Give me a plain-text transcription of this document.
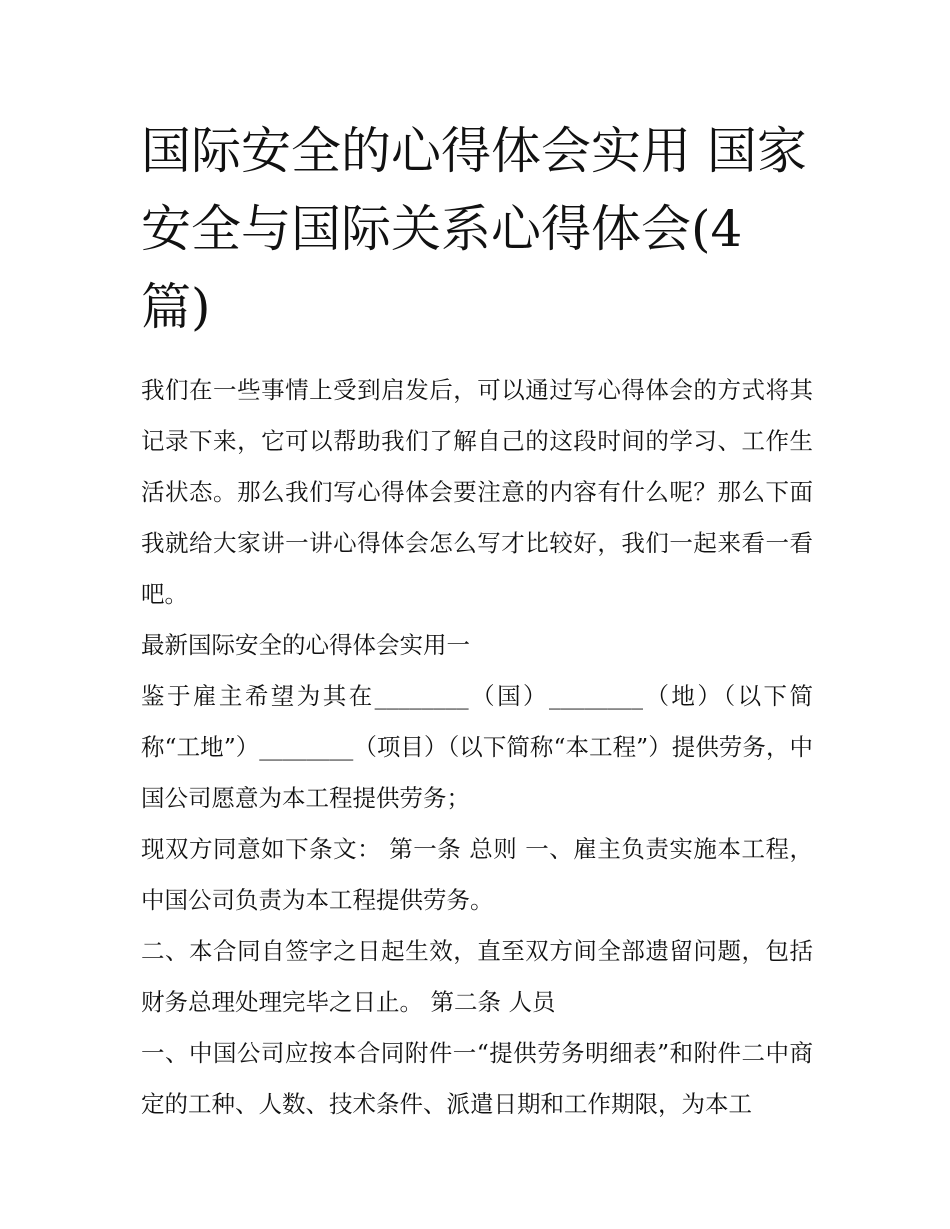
国际安全的心得体会实用 国家
安全与国际关系心得体会(4
篇)

我们在一些事情上受到启发后，可以通过写心得体会的方式将其记录下来，它可以帮助我们了解自己的这段时间的学习、工作生活状态。那么我们写心得体会要注意的内容有什么呢？那么下面我就给大家讲一讲心得体会怎么写才比较好，我们一起来看一看吧。

最新国际安全的心得体会实用一

鉴于雇主希望为其在________（国）________（地）（以下简称“工地”）________（项目）（以下简称“本工程”）提供劳务，中国公司愿意为本工程提供劳务；

现双方同意如下条文： 第一条 总则 一、雇主负责实施本工程，中国公司负责为本工程提供劳务。

二、本合同自签字之日起生效，直至双方间全部遗留问题，包括财务总理处理完毕之日止。 第二条 人员

一、中国公司应按本合同附件一“提供劳务明细表”和附件二中商定的工种、人数、技术条件、派遣日期和工作期限，为本工
